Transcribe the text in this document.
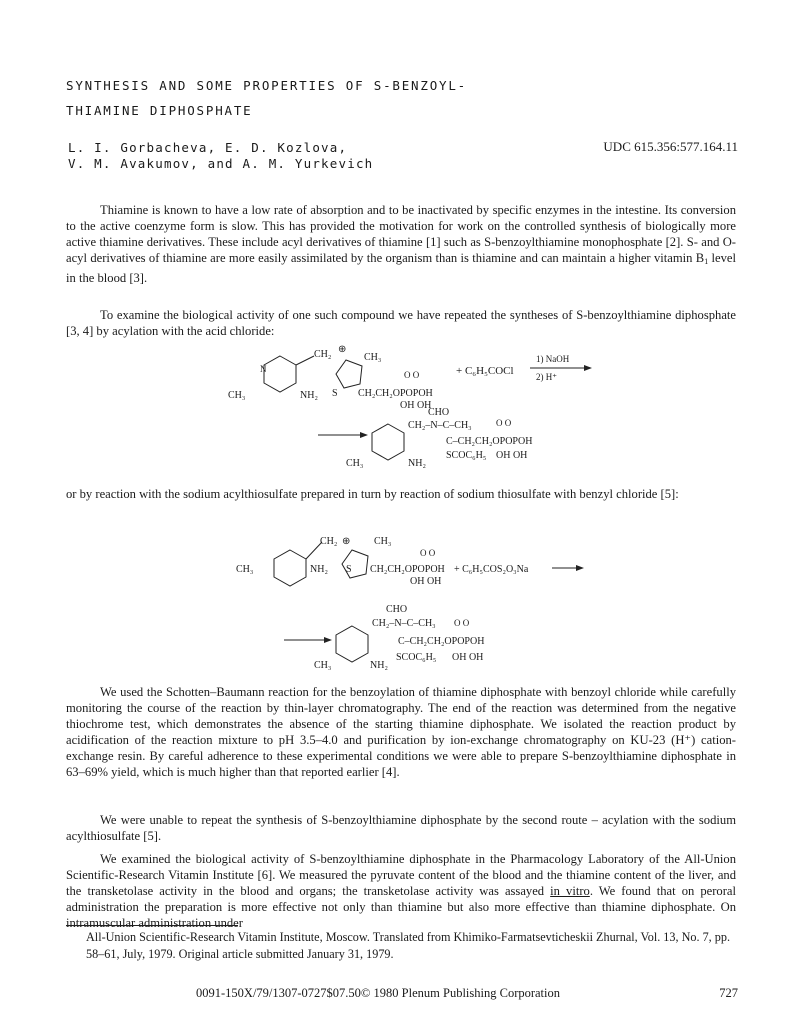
SYNTHESIS AND SOME PROPERTIES OF S-BENZOYL-
THIAMINE DIPHOSPHATE
L. I. Gorbacheva, E. D. Kozlova,
V. M. Avakumov, and A. M. Yurkevich
UDC 615.356:577.164.11
Thiamine is known to have a low rate of absorption and to be inactivated by specific enzymes in the intestine. Its conversion to the active coenzyme form is slow. This has provided the motivation for work on the controlled synthesis of biologically more active thiamine derivatives. These include acyl derivatives of thiamine [1] such as S-benzoylthiamine monophosphate [2]. S- and O-acyl derivatives of thiamine are more easily assimilated by the organism than is thiamine and can maintain a higher vitamin $B_1$ level in the blood [3].
To examine the biological activity of one such compound we have repeated the syntheses of S-benzoylthiamine diphosphate [3, 4] by acylation with the acid chloride:
CH₂
N
CH₃	NH₂
⊕
CH₃
S CH₂CH₂OPOPOH
O O
OH OH
+ C₆H₅COCl
1) NaOH
2) H⁺
CHO
CH₂–N–C–CH₃	O O
C–CH₂CH₂OPOPOH
SCOC₆H₅ OH OH
CH₃	NH₂
or by reaction with the sodium acylthiosulfate prepared in turn by reaction of sodium thiosulfate with benzyl chloride [5]:
CH₂
CH₃	NH₂
⊕ CH₃
S CH₂CH₂OPOPOH
O O
OH OH
+ C₆H₅COS₂O₃Na
CHO
CH₂–N–C–CH₃ O O
C–CH₂CH₂OPOPOH
SCOC₆H₅ OH OH
CH₃	NH₂
We used the Schotten–Baumann reaction for the benzoylation of thiamine diphosphate with benzoyl chloride while carefully monitoring the course of the reaction by thin-layer chromatography. The end of the reaction was determined from the negative thiochrome test, which demonstrates the absence of the starting thiamine diphosphate. We isolated the reaction product by acidification of the reaction mixture to pH 3.5–4.0 and purification by ion-exchange chromatography on KU-23 (H⁺) cation-exchange resin. By careful adherence to these experimental conditions we were able to prepare S-benzoylthiamine diphosphate in 63–69% yield, which is much higher than that reported earlier [4].
We were unable to repeat the synthesis of S-benzoylthiamine diphosphate by the second route – acylation with the sodium acylthiosulfate [5].
We examined the biological activity of S-benzoylthiamine diphosphate in the Pharmacology Laboratory of the All-Union Scientific-Research Vitamin Institute [6]. We measured the pyruvate content of the blood and the thiamine content of the liver, and the transketolase activity in the blood and organs; the transketolase activity was assayed in vitro. We found that on peroral administration the preparation is more effective not only than thiamine but also more effective than thiamine diphosphate. On intramuscular administration under
All-Union Scientific-Research Vitamin Institute, Moscow. Translated from Khimiko-Farmatsevticheskii Zhurnal, Vol. 13, No. 7, pp. 58–61, July, 1979. Original article submitted January 31, 1979.
0091-150X/79/1307-0727$07.50© 1980 Plenum Publishing Corporation	727
